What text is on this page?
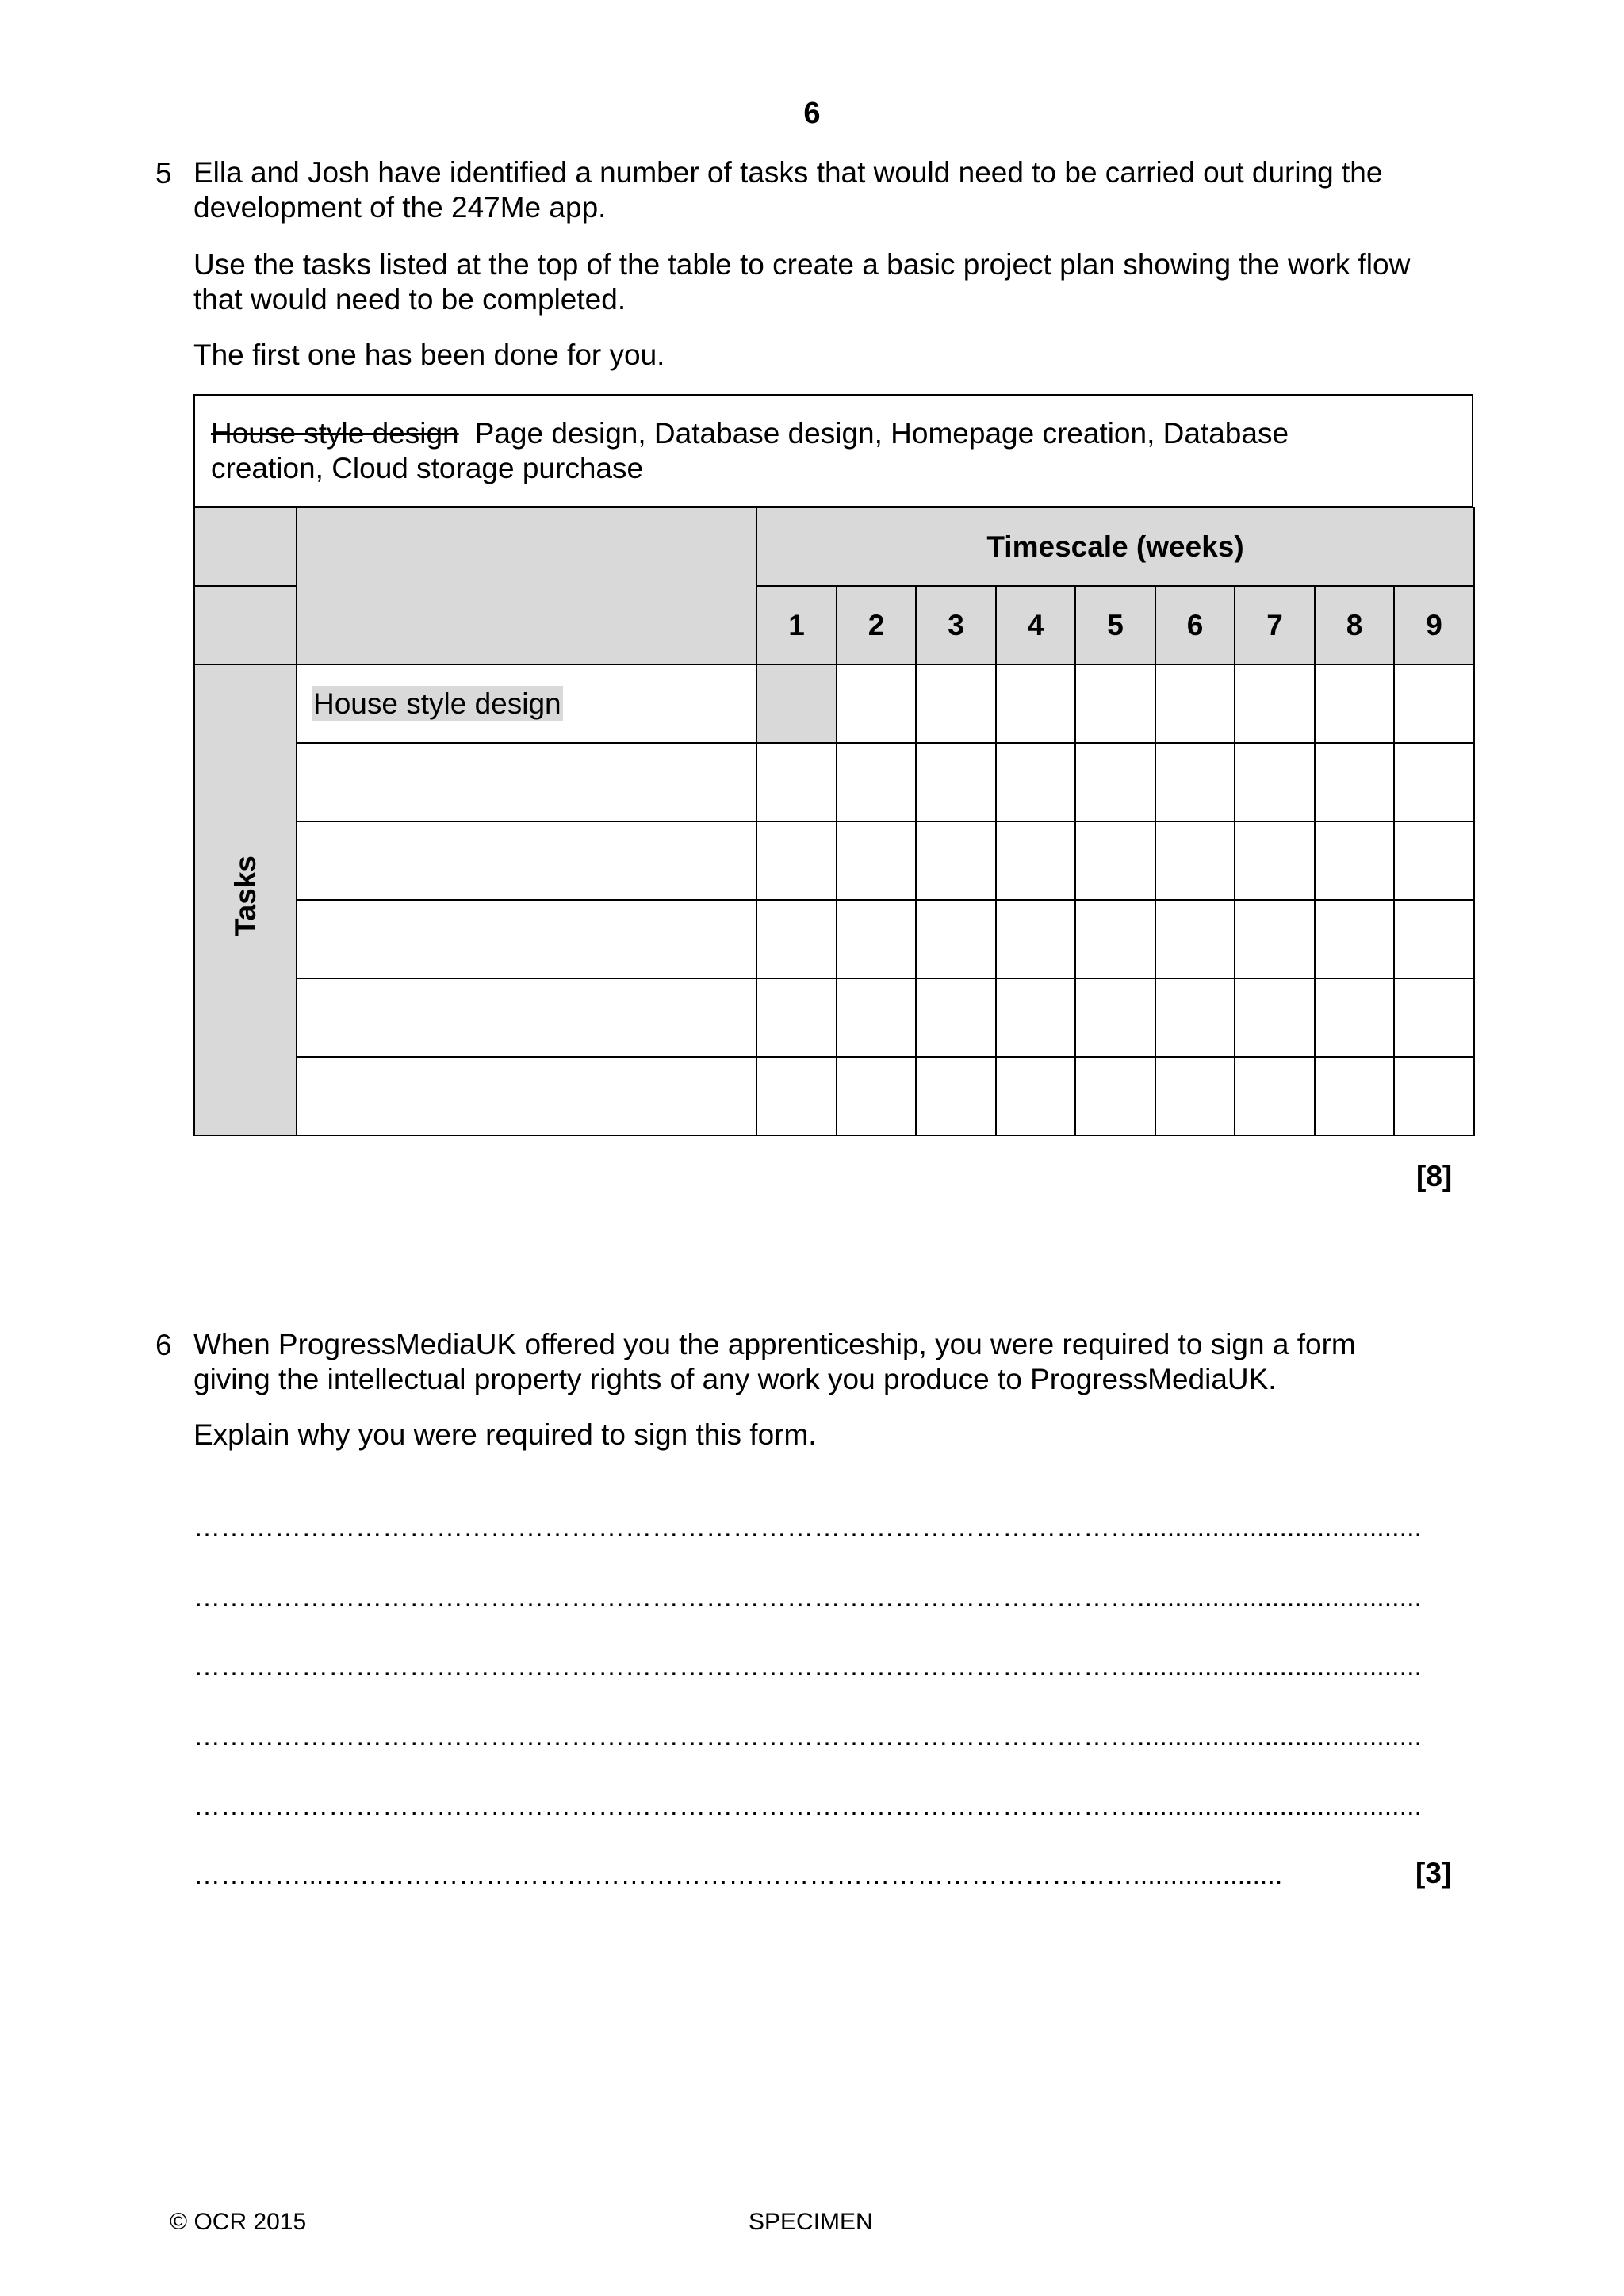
6
5 Ella and Josh have identified a number of tasks that would need to be carried out during the
development of the 247Me app.
Use the tasks listed at the top of the table to create a basic project plan showing the work flow
that would need to be completed.
The first one has been done for you.
House style design Page design, Database design, Homepage creation, Database
creation, Cloud storage purchase
		Timescale (weeks)								
		1	2	3	4	5	6	7	8	9
Tasks	House style design									

[8]
6 When ProgressMediaUK offered you the apprenticeship, you were required to sign a form
giving the intellectual property rights of any work you produce to ProgressMediaUK.
Explain why you were required to sign this form.
……………………………………………………………………………………………......................................
……………………………………………………………………………………………......................................
……………………………………………………………………………………………......................................
……………………………………………………………………………………………......................................
……………………………………………………………………………………………......................................
…………...………………………………………………………………………………....................	[3]
© OCR 2015	SPECIMEN
